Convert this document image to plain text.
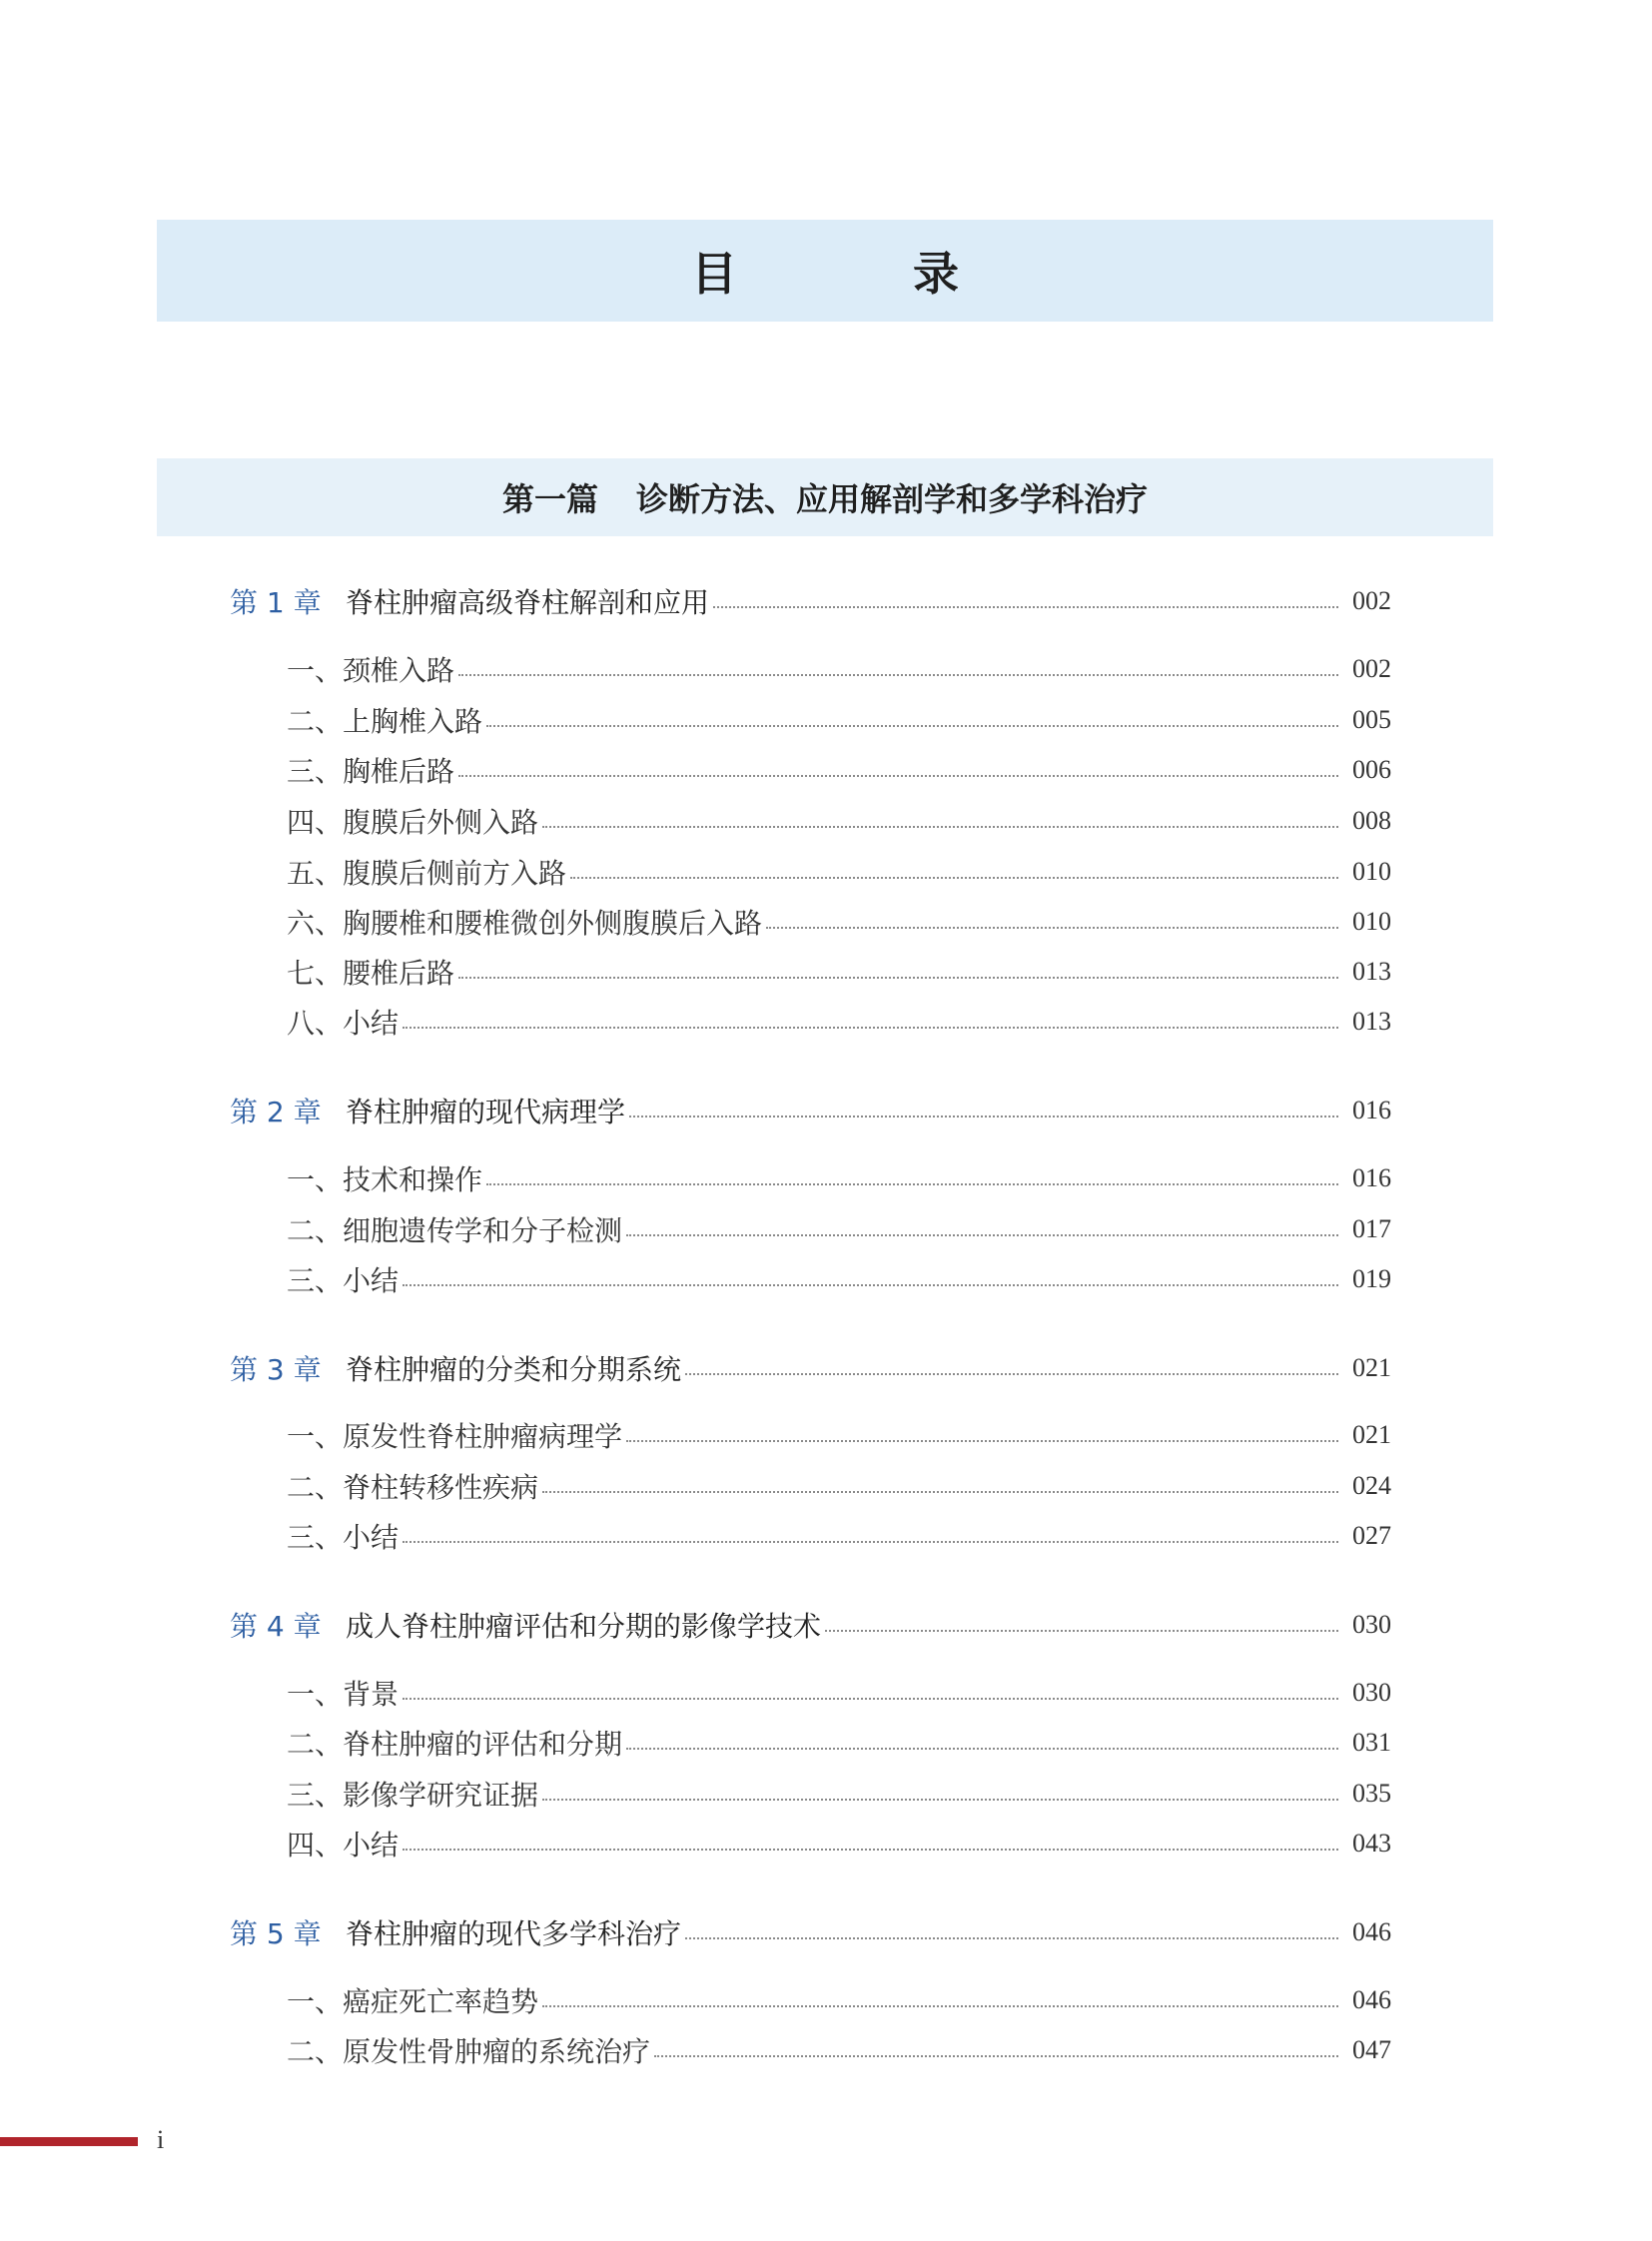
目 录
第一篇 诊断方法、应用解剖学和多学科治疗
第 1 章 脊柱肿瘤高级脊柱解剖和应用	002
一、颈椎入路	002
二、上胸椎入路	005
三、胸椎后路	006
四、腹膜后外侧入路	008
五、腹膜后侧前方入路	010
六、胸腰椎和腰椎微创外侧腹膜后入路	010
七、腰椎后路	013
八、小结	013
第 2 章 脊柱肿瘤的现代病理学	016
一、技术和操作	016
二、细胞遗传学和分子检测	017
三、小结	019
第 3 章 脊柱肿瘤的分类和分期系统	021
一、原发性脊柱肿瘤病理学	021
二、脊柱转移性疾病	024
三、小结	027
第 4 章 成人脊柱肿瘤评估和分期的影像学技术	030
一、背景	030
二、脊柱肿瘤的评估和分期	031
三、影像学研究证据	035
四、小结	043
第 5 章 脊柱肿瘤的现代多学科治疗	046
一、癌症死亡率趋势	046
二、原发性骨肿瘤的系统治疗	047
i
